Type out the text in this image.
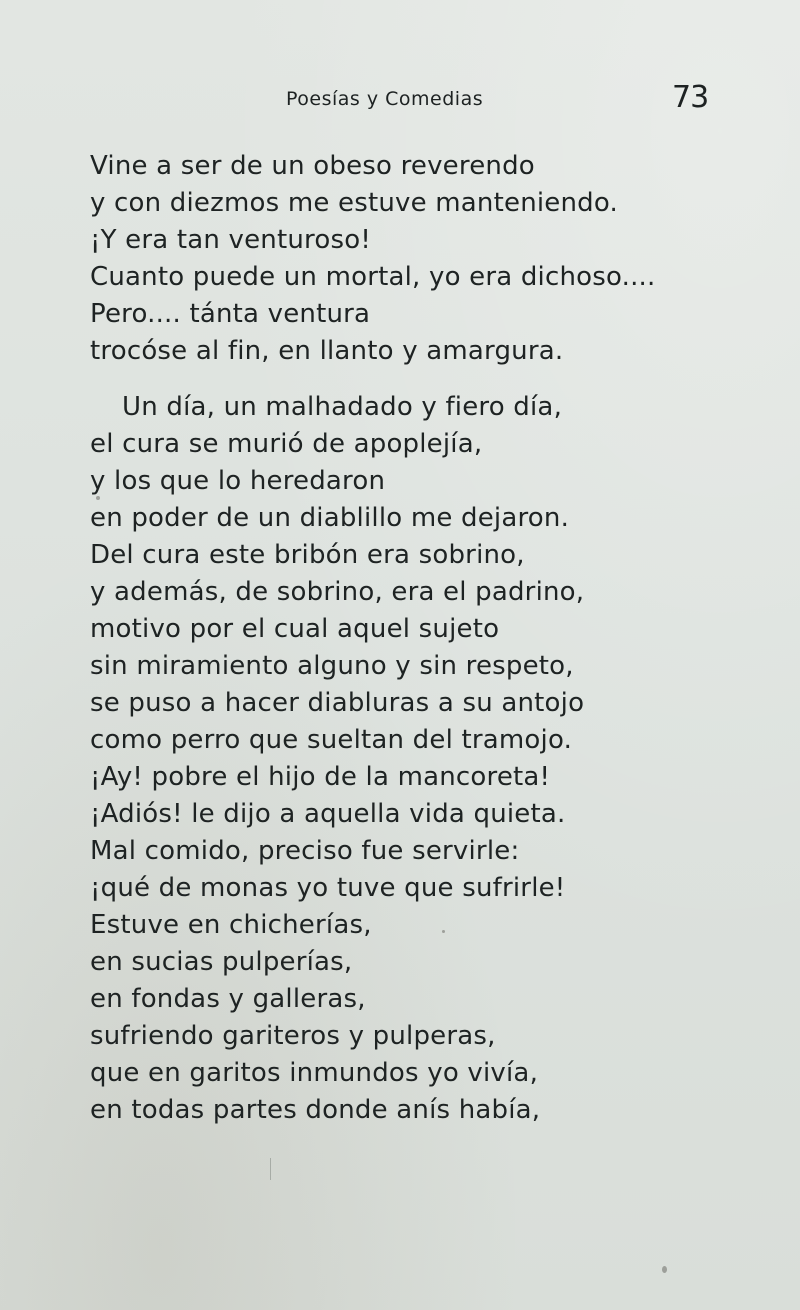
Poesías y Comedias	73
Vine a ser de un obeso reverendo
y con diezmos me estuve manteniendo.
¡Y era tan venturoso!
Cuanto puede un mortal, yo era dichoso....
Pero.... tánta ventura
trocóse al fin, en llanto y amargura.
Un día, un malhadado y fiero día,
el cura se murió de apoplejía,
y los que lo heredaron
en poder de un diablillo me dejaron.
Del cura este bribón era sobrino,
y además, de sobrino, era el padrino,
motivo por el cual aquel sujeto
sin miramiento alguno y sin respeto,
se puso a hacer diabluras a su antojo
como perro que sueltan del tramojo.
¡Ay! pobre el hijo de la mancoreta!
¡Adiós! le dijo a aquella vida quieta.
Mal comido, preciso fue servirle:
¡qué de monas yo tuve que sufrirle!
Estuve en chicherías,
en sucias pulperías,
en fondas y galleras,
sufriendo gariteros y pulperas,
que en garitos inmundos yo vivía,
en todas partes donde anís había,
